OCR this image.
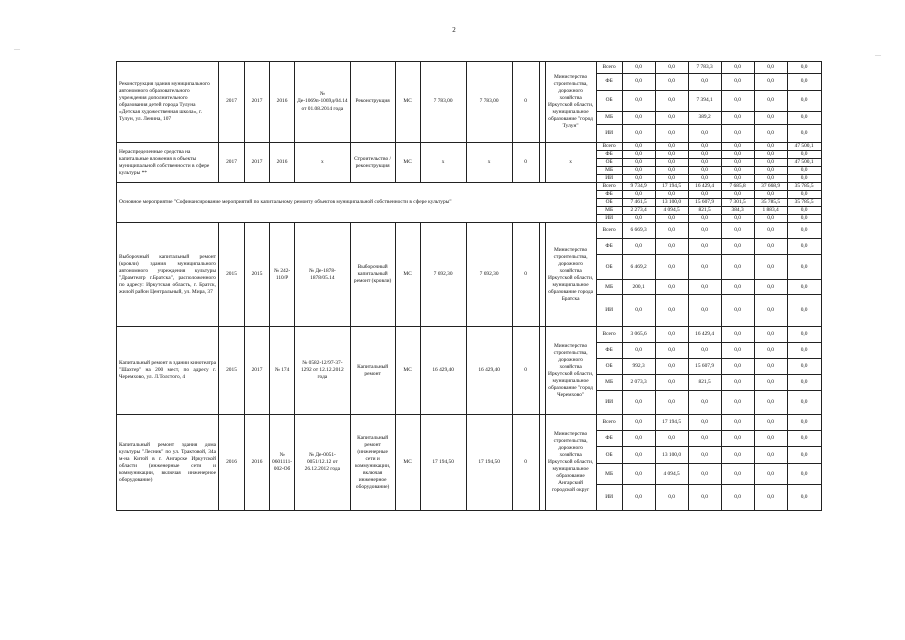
2
—
—
Реконструкция здания муниципального автономного образовательного учреждения дополнительного образования детей города Тулуна «Детская художественная школа», г. Тулун, ул. Ленина, 107	2017	2017	2016	№ Де-1069п-1069д/04.14 от 01.08.2014 года	Реконструкция	МС	7 783,00	7 783,00	0		Министерство строительства, дорожного хозяйства Иркутской области, муниципальное образование "город Тулун"	Всего	0,0	0,0	7 783,3	0,0	0,0	0,0
												ФБ	0,0	0,0	0,0	0,0	0,0	0,0
												ОБ	0,0	0,0	7 394,1	0,0	0,0	0,0
												МБ	0,0	0,0	389,2	0,0	0,0	0,0
												ИИ	0,0	0,0	0,0	0,0	0,0	0,0
Нераспределенные средства на капитальные вложения в объекты муниципальной собственности в сфере культуры **	2017	2017	2016	х	Строительство / реконструкция	МС	х	х	0		х	Всего	0,0	0,0	0,0	0,0	0,0	47 500,1
												ФБ	0,0	0,0	0,0	0,0	0,0	0,0
												ОБ	0,0	0,0	0,0	0,0	0,0	47 500,1
												МБ	0,0	0,0	0,0	0,0	0,0	0,0
												ИИ	0,0	0,0	0,0	0,0	0,0	0,0
Основное мероприятие "Софинансирование мероприятий по капитальному ремонту объектов муниципальной собственности в сфере культуры"												Всего	9 734,9	17 194,5	16 429,4	7 685,8	37 668,9	35 785,5
												ФБ	0,0	0,0	0,0	0,0	0,0	0,0
												ОБ	7 461,5	13 100,0	15 607,9	7 301,5	35 785,5	35 785,5
												МБ	2 273,4	4 094,5	821,5	384,3	1 883,4	0,0
												ИИ	0,0	0,0	0,0	0,0	0,0	0,0
Выборочный капитальный ремонт (кровли) здания муниципального автономного учреждения культуры "Драмтеатр г.Братска", расположенного по адресу: Иркутская область, г. Братск, жилой район Центральный, ул. Мира, 37	2015	2015	№ 242-110/Р	№ Де-1878-1878/05.14	Выборочный капитальный ремонт (кровли)	МС	7 692,30	7 692,30	0		Министерство строительства, дорожного хозяйства Иркутской области, муниципальное образование города Братска	Всего	6 669,3	0,0	0,0	0,0	0,0	0,0
												ФБ	0,0	0,0	0,0	0,0	0,0	0,0
												ОБ	6 469,2	0,0	0,0	0,0	0,0	0,0
												МБ	200,1	0,0	0,0	0,0	0,0	0,0
												ИИ	0,0	0,0	0,0	0,0	0,0	0,0
Капитальный ремонт в здании кинотеатра "Шахтер" на 200 мест, по адресу г. Черемхово, ул. Л.Толстого, 4	2015	2017	№ 174	№ 0582-12/97-37-1292 от 12.12.2012 года	Капитальный ремонт	МС	16 429,40	16 429,40	0		Министерство строительства, дорожного хозяйства Иркутской области, муниципальное образование "город Черемхово"	Всего	3 065,6	0,0	16 429,4	0,0	0,0	0,0
												ФБ	0,0	0,0	0,0	0,0	0,0	0,0
												ОБ	992,3	0,0	15 607,9	0,0	0,0	0,0
												МБ	2 073,3	0,0	821,5	0,0	0,0	0,0
												ИИ	0,0	0,0	0,0	0,0	0,0	0,0
Капитальный ремонт здания дома культуры "Лесник" по ул. Трактовой, 34а м-на Китой в г. Ангарске Иркутской области (инженерные сети и коммуникации, включая инженерное оборудование)	2016	2016	№ 0601111-002-Об	№ Де-0051-0051/12.12 от 26.12.2012 года	Капитальный ремонт (инженерные сети и коммуникации, включая инженерное оборудование)	МС	17 194,50	17 194,50	0		Министерство строительства, дорожного хозяйства Иркутской области, муниципальное образование Ангарский городской округ	Всего	0,0	17 194,5	0,0	0,0	0,0	0,0
												ФБ	0,0	0,0	0,0	0,0	0,0	0,0
												ОБ	0,0	13 100,0	0,0	0,0	0,0	0,0
												МБ	0,0	4 094,5	0,0	0,0	0,0	0,0
												ИИ	0,0	0,0	0,0	0,0	0,0	0,0
